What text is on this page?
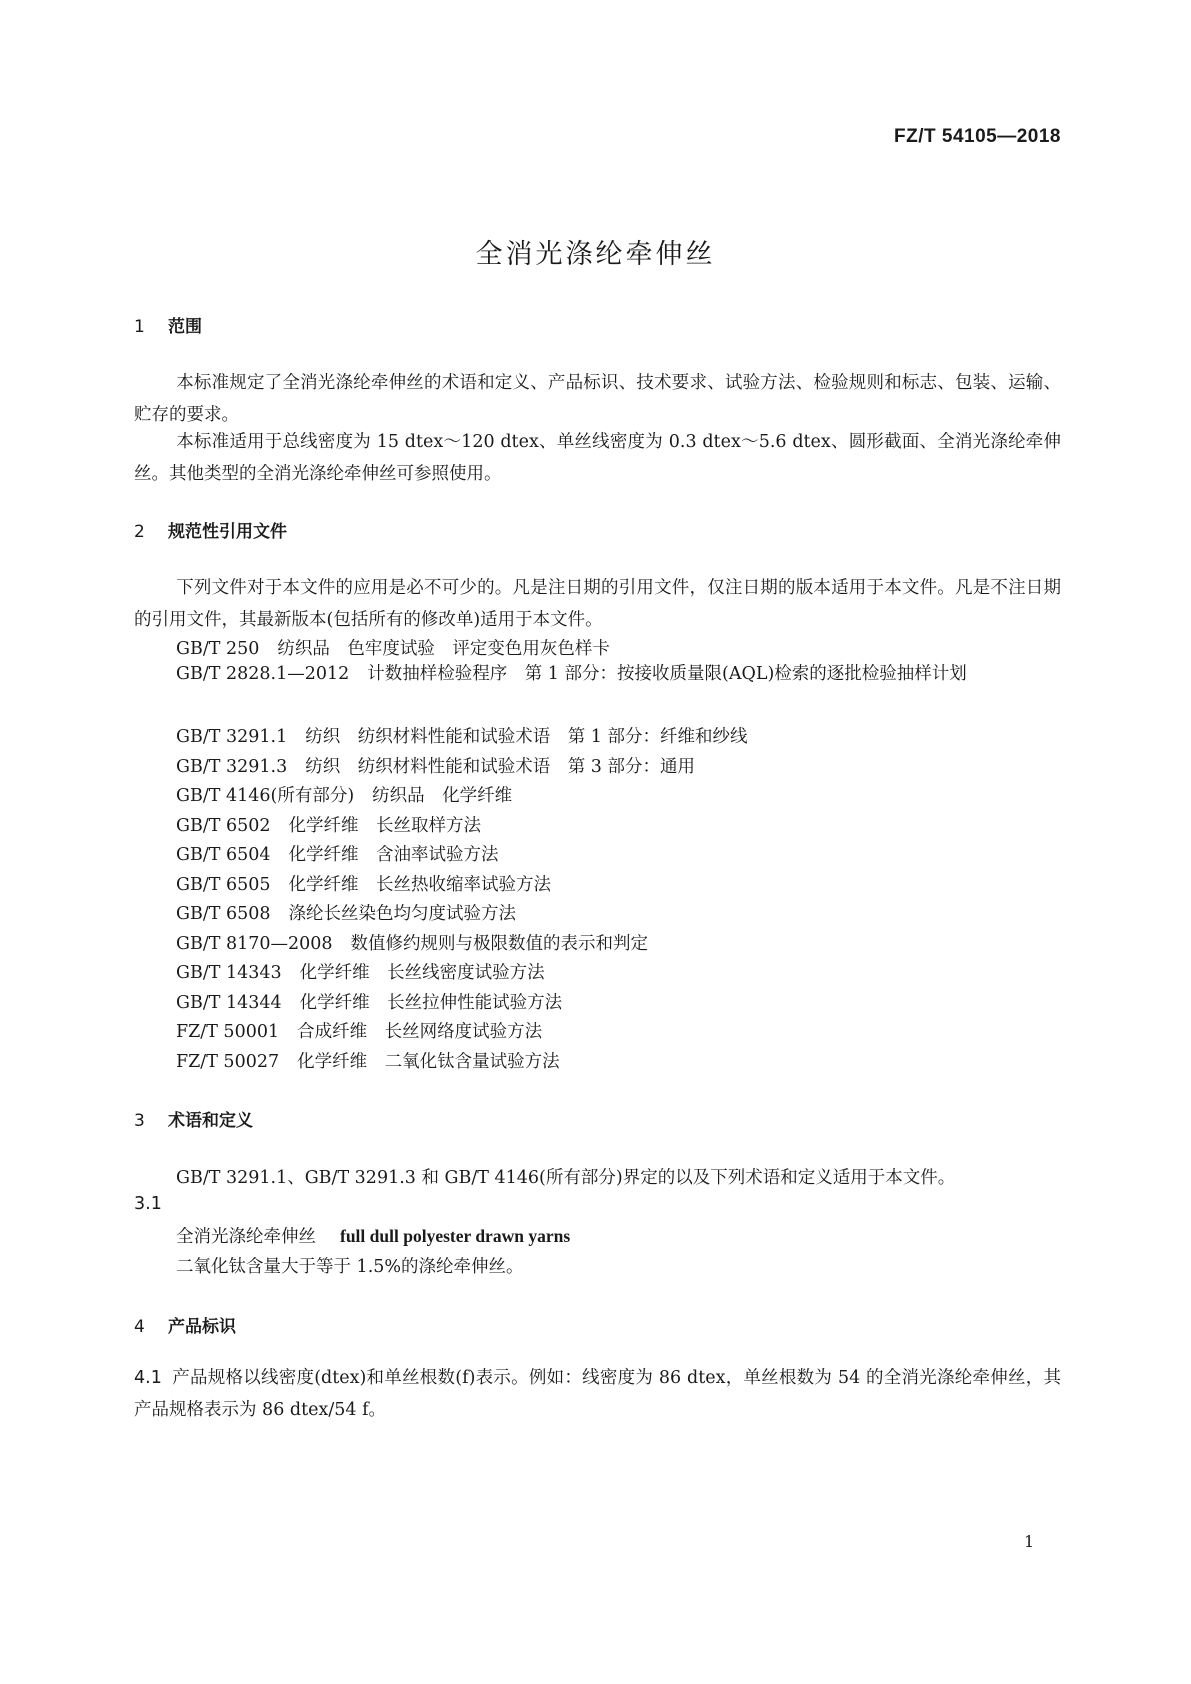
FZ/T 54105—2018
全消光涤纶牵伸丝
1 范围
本标准规定了全消光涤纶牵伸丝的术语和定义、产品标识、技术要求、试验方法、检验规则和标志、包装、运输、贮存的要求。
本标准适用于总线密度为 15 dtex～120 dtex、单丝线密度为 0.3 dtex～5.6 dtex、圆形截面、全消光涤纶牵伸丝。其他类型的全消光涤纶牵伸丝可参照使用。
2 规范性引用文件
下列文件对于本文件的应用是必不可少的。凡是注日期的引用文件，仅注日期的版本适用于本文件。凡是不注日期的引用文件，其最新版本(包括所有的修改单)适用于本文件。
GB/T 250 纺织品　色牢度试验　评定变色用灰色样卡
GB/T 2828.1—2012 计数抽样检验程序　第 1 部分：按接收质量限(AQL)检索的逐批检验抽样计划
GB/T 3291.1 纺织　纺织材料性能和试验术语　第 1 部分：纤维和纱线
GB/T 3291.3 纺织　纺织材料性能和试验术语　第 3 部分：通用
GB/T 4146(所有部分) 纺织品　化学纤维
GB/T 6502 化学纤维　长丝取样方法
GB/T 6504 化学纤维　含油率试验方法
GB/T 6505 化学纤维　长丝热收缩率试验方法
GB/T 6508 涤纶长丝染色均匀度试验方法
GB/T 8170—2008 数值修约规则与极限数值的表示和判定
GB/T 14343 化学纤维　长丝线密度试验方法
GB/T 14344 化学纤维　长丝拉伸性能试验方法
FZ/T 50001 合成纤维　长丝网络度试验方法
FZ/T 50027 化学纤维　二氧化钛含量试验方法
3 术语和定义
GB/T 3291.1、GB/T 3291.3 和 GB/T 4146(所有部分)界定的以及下列术语和定义适用于本文件。
3.1
全消光涤纶牵伸丝 full dull polyester drawn yarns
二氧化钛含量大于等于 1.5%的涤纶牵伸丝。
4 产品标识
4.1 产品规格以线密度(dtex)和单丝根数(f)表示。例如：线密度为 86 dtex，单丝根数为 54 的全消光涤纶牵伸丝，其产品规格表示为 86 dtex/54 f。
1
